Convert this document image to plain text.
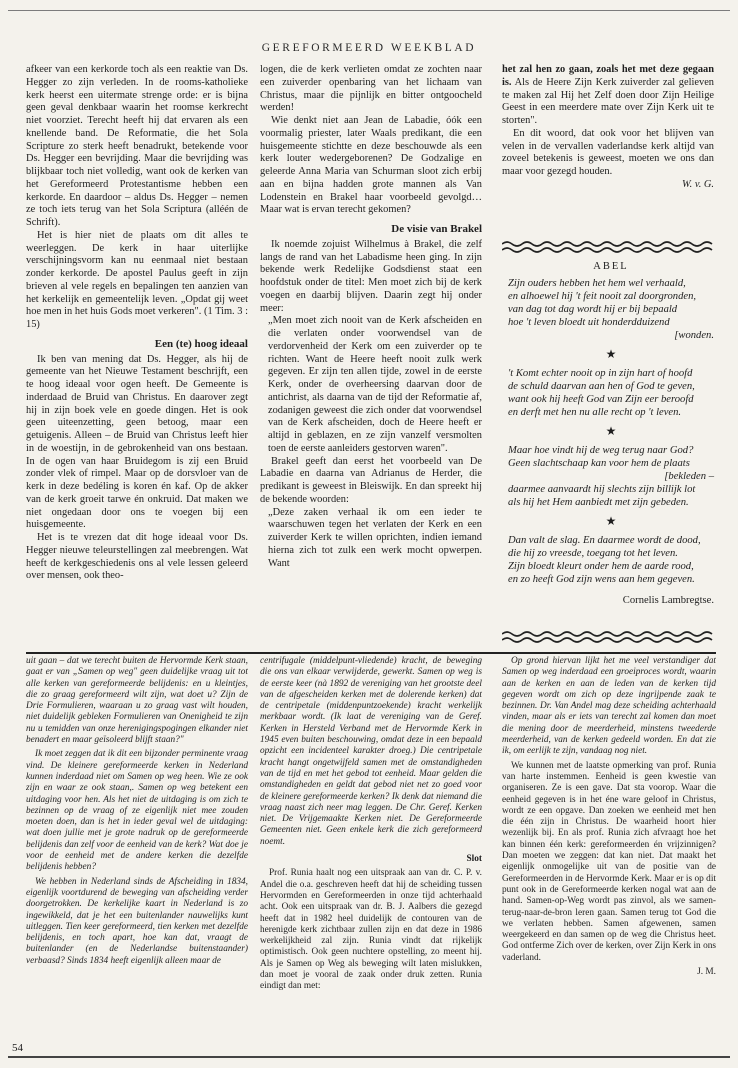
GEREFORMEERD WEEKBLAD

afkeer van een kerkorde toch als een reaktie van Ds. Hegger zo zijn verleden. In de rooms-katholieke kerk heerst een uitermate strenge orde: er is bijna geen geval denkbaar waarin het roomse kerkrecht niet voorziet. Terecht heeft hij dat ervaren als een knellende band. De Reformatie, die het Sola Scripture zo sterk heeft benadrukt, betekende voor Ds. Hegger een bevrijding. Maar die bevrijding was blijkbaar toch niet volledig, want ook de kerken van het Gereformeerd Protestantisme hebben een kerkorde. En daardoor – aldus Ds. Hegger – nemen ze toch iets terug van het Sola Scriptura (alléén de Schrift).

Het is hier niet de plaats om dit alles te weerleggen. De kerk in haar uiterlijke verschijningsvorm kan nu eenmaal niet bestaan zonder kerkorde. De apostel Paulus geeft in zijn brieven al vele regels en bepalingen ten aanzien van het kerkelijk en gemeentelijk leven. „Opdat gij weet hoe men in het huis Gods moet verkeren". (1 Tim. 3 : 15)

Een (te) hoog ideaal

Ik ben van mening dat Ds. Hegger, als hij de gemeente van het Nieuwe Testament beschrijft, een te hoog ideaal voor ogen heeft. De Gemeente is inderdaad de Bruid van Christus. En daarover zegt hij in zijn boek vele en goede dingen. Het is ook geen uiteenzetting, geen betoog, maar een getuigenis. Alleen – de Bruid van Christus leeft hier in de woestijn, in de gebrokenheid van ons bestaan. In de ogen van haar Bruidegom is zij een Bruid zonder vlek of rimpel. Maar op de dorsvloer van de kerk in deze bedéling is koren én kaf. Op de akker van de kerk groeit tarwe én onkruid. Dat maken we niet ongedaan door ons te voegen bij een huisgemeente.

Het is te vrezen dat dit hoge ideaal voor Ds. Hegger nieuwe teleurstellingen zal meebrengen. Wat heeft de kerkgeschiedenis ons al vele lessen geleerd over mensen, ook theo-

logen, die de kerk verlieten omdat ze zochten naar een zuiverder openbaring van het lichaam van Christus, maar die pijnlijk en bitter ontgoocheld werden!

Wie denkt niet aan Jean de Labadie, óók een voormalig priester, later Waals predikant, die een huisgemeente stichtte en deze beschouwde als een kerk louter wedergeborenen? De Godzalige en geleerde Anna Maria van Schurman sloot zich erbij aan en bijna hadden grote mannen als Van Lodenstein en Brakel haar voorbeeld gevolgd… Maar wat is ervan terecht gekomen?

De visie van Brakel

Ik noemde zojuist Wilhelmus à Brakel, die zelf langs de rand van het Labadisme heen ging. In zijn bekende werk Redelijke Godsdienst staat een hoofdstuk onder de titel: Men moet zich bij de kerk voegen en daarbij blijven. Daarin zegt hij onder meer:

„Men moet zich nooit van de Kerk afscheiden en die verlaten onder voorwendsel van de verdorvenheid der Kerk om een zuiverder op te richten. Want de Heere heeft nooit zulk werk gegeven. Er zijn ten allen tijde, zowel in de eerste Kerk, onder de overheersing daarvan door de antichrist, als daarna van de tijd der Reformatie af, zodanigen geweest die zich onder dat voorwendsel van de Kerk afscheiden, doch de Heere heeft er altijd in geblazen, en ze zijn vanzelf versmolten toen de eerste aanleiders gestorven waren".

Brakel geeft dan eerst het voorbeeld van De Labadie en daarna van Adrianus de Herder, die predikant is geweest in Bleiswijk. En dan spreekt hij de bekende woorden:

„Deze zaken verhaal ik om een ieder te waarschuwen tegen het verlaten der Kerk en een zuiverder Kerk te willen oprichten, indien iemand hierna zich tot zulk een werk mocht opwerpen. Want

het zal hen zo gaan, zoals het met deze gegaan is. Als de Heere Zijn Kerk zuiverder zal gelieven te maken zal Hij het Zelf doen door Zijn Heilige Geest in een meerdere mate over Zijn Kerk uit te storten".

En dit woord, dat ook voor het blijven van velen in de vervallen vaderlandse kerk altijd van zoveel betekenis is geweest, moeten we ons dan maar voor gezegd houden.

W. v. G.

ABEL

Zijn ouders hebben het hem wel verhaald,
en alhoewel hij 't feit nooit zal doorgronden,
van dag tot dag wordt hij er bij bepaald
hoe 't leven bloedt uit honderdduizend

[wonden.

★

't Komt echter nooit op in zijn hart of hoofd
de schuld daarvan aan hen of God te geven,
want ook hij heeft God van Zijn eer beroofd
en derft met hen nu alle recht op 't leven.

★

Maar hoe vindt hij de weg terug naar God?
Geen slachtschaap kan voor hem de plaats

[bekleden –
daarmee aanvaardt hij slechts zijn billijk lot
als hij het Hem aanbiedt met zijn gebeden.

★

Dan valt de slag. En daarmee wordt de dood,
die hij zo vreesde, toegang tot het leven.
Zijn bloedt kleurt onder hem de aarde rood,
en zo heeft God zijn wens aan hem gegeven.

Cornelis Lambregtse.

uit gaan – dat we terecht buiten de Hervormde Kerk staan, gaat er van „Samen op weg" geen duidelijke vraag uit tot alle kerken van gereformeerde belijdenis: en u kleintjes, die zo graag gereformeerd wilt zijn, wat doet u? Zijn de Drie Formulieren, waaraan u zo graag vast wilt houden, niet duidelijk gebleken Formulieren van Onenigheid te zijn nu u temidden van onze herenigingspogingen elkander niet benadert en maar geïsoleerd blijft staan?"

Ik moet zeggen dat ik dit een bijzonder perminente vraag vind. De kleinere gereformeerde kerken in Nederland kunnen inderdaad niet om Samen op weg heen. Wie ze ook zijn en waar ze ook staan,. Samen op weg betekent een uitdaging voor hen. Als het niet de uitdaging is om zich te bezinnen op de vraag of ze eigenlijk niet mee zouden moeten doen, dan is het in ieder geval wel de uitdaging: wat doen jullie met je grote nadruk op de gereformeerde belijdenis dan zelf voor de eenheid van de kerk? Wat doe je voor de eenheid met de andere kerken die dezelfde belijdenis hebben?

We hebben in Nederland sinds de Afscheiding in 1834, eigenlijk voortdurend de beweging van afscheiding verder doorgetrokken. De kerkelijke kaart in Nederland is zo ingewikkeld, dat je het een buitenlander nauwelijks kunt uitleggen. Tien keer gereformeerd, tien kerken met dezelfde belijdenis, en toch apart, hoe kan dat, vraagt de buitenlander (en de Nederlandse buitenstaander) verbaasd? Sinds 1834 heeft eigenlijk alleen maar de

centrifugale (middelpunt-vliedende) kracht, de beweging die ons van elkaar verwijderde, gewerkt. Samen op weg is de eerste keer (nà 1892 de vereniging van het grootste deel van de afgescheiden kerken met de dolerende kerken) dat de centripetale (middenpuntzoekende) kracht werkelijk merkbaar wordt. (Ik laat de vereniging van de Geref. Kerken in Hersteld Verband met de Hervormde Kerk in 1945 even buiten beschouwing, omdat deze in een bepaald opzicht een incidenteel karakter droeg.) Die centripetale kracht hangt ongetwijfeld samen met de omstandigheden van de tijd en met het gebod tot eenheid. Maar gelden die omstandigheden en geldt dat gebod niet net zo goed voor de kleinere gereformeerde kerken? Ik denk dat niemand die vraag naast zich neer mag leggen. De Chr. Geref. Kerken niet. De Vrijgemaakte Kerken niet. De Gereformeerde Gemeenten niet. Geen enkele kerk die zich gereformeerd noemt.

Slot

Prof. Runia haalt nog een uitspraak aan van dr. C. P. v. Andel die o.a. geschreven heeft dat hij de scheiding tussen Hervormden en Gereformeerden in onze tijd achterhaald acht. Ook een uitspraak van dr. B. J. Aalbers die gezegd heeft dat in 1982 heel duidelijk de contouren van de herenigde kerk zichtbaar zullen zijn en dat deze in 1986 werkelijkheid zal zijn. Runia vindt dat rijkelijk optimistisch. Ook geen nuchtere opstelling, zo meent hij. Als je Samen op Weg als beweging wilt laten mislukken, dan moet je vooral de zaak onder druk zetten. Runia eindigt dan met:

Op grond hiervan lijkt het me veel verstandiger dat Samen op weg inderdaad een groeiproces wordt, waarin aan de kerken en aan de leden van de kerken tijd gegeven wordt om zich op deze ingrijpende zaak te bezinnen. Dr. Van Andel mag deze scheiding achterhaald vinden, maar als er iets van terecht zal komen dan moet die mening door de meerderheid, minstens tweederde meerderheid, van de kerken gedeeld worden. En dat zie ik, om eerlijk te zijn, vandaag nog niet.

We kunnen met de laatste opmerking van prof. Runia van harte instemmen. Eenheid is geen kwestie van organiseren. Ze is een gave. Dat sta voorop. Waar die eenheid gegeven is in het éne ware geloof in Christus, wordt ze een opgave. Dan zoeken we eenheid met hen die één zijn in Christus. De waarheid hoort hier wezenlijk bij. En als prof. Runia zich afvraagt hoe het kan binnen één kerk: gereformeerden én vrijzinnigen? Dan moeten we zeggen: dat kan niet. Dat maakt het eigenlijk onmogelijke uit van de positie van de Gereformeerden in de Hervormde Kerk. Maar er is op dit punt ook in de Gereformeerde kerken nogal wat aan de hand. Samen-op-Weg wordt pas zinvol, als we samen-terug-naar-de-bron leren gaan. Samen terug tot God die we verlaten hebben. Samen afgewenen, samen weergekeerd en dan samen op de weg die Christus heet. God ontferme Zich over de kerken, over Zijn Kerk in ons vaderland.

J. M.

54
